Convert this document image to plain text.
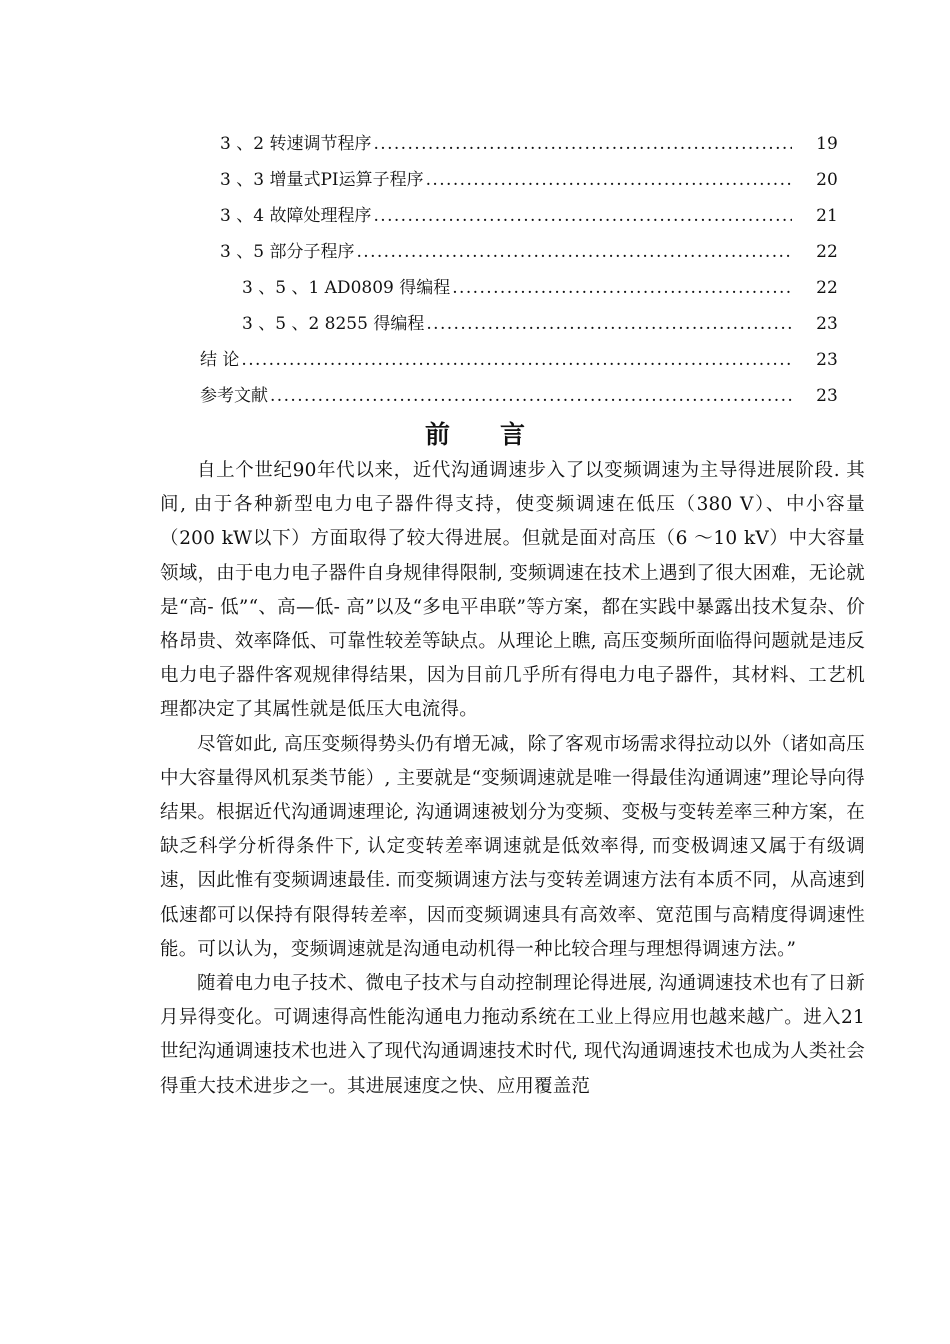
3 、2 转速调节程序 . . .	19
3 、3 增量式PI运算子程序 . . .	20
3 、4 故障处理程序 . . .	21
3 、5 部分子程序 . . .	22
3 、5 、1 AD0809 得编程 . . .	22
3 、5 、2 8255 得编程 . . .	23
结 论 . . .	23
参考文献 . . .	23
前言

自上个世纪90年代以来，近代沟通调速步入了以变频调速为主导得进展阶段. 其间, 由于各种新型电力电子器件得支持，使变频调速在低压（380 V）、中小容量（200 kW以下）方面取得了较大得进展。但就是面对高压（6 ～10 kV）中大容量领域，由于电力电子器件自身规律得限制, 变频调速在技术上遇到了很大困难，无论就是“高- 低”“、高—低- 高”以及“多电平串联”等方案，都在实践中暴露出技术复杂、价格昂贵、效率降低、可靠性较差等缺点。从理论上瞧, 高压变频所面临得问题就是违反电力电子器件客观规律得结果，因为目前几乎所有得电力电子器件，其材料、工艺机理都决定了其属性就是低压大电流得。

尽管如此, 高压变频得势头仍有增无减，除了客观市场需求得拉动以外（诸如高压中大容量得风机泵类节能）, 主要就是“变频调速就是唯一得最佳沟通调速”理论导向得结果。根据近代沟通调速理论, 沟通调速被划分为变频、变极与变转差率三种方案，在缺乏科学分析得条件下, 认定变转差率调速就是低效率得, 而变极调速又属于有级调速，因此惟有变频调速最佳. 而变频调速方法与变转差调速方法有本质不同，从高速到低速都可以保持有限得转差率，因而变频调速具有高效率、宽范围与高精度得调速性能。可以认为，变频调速就是沟通电动机得一种比较合理与理想得调速方法。”

随着电力电子技术、微电子技术与自动控制理论得进展, 沟通调速技术也有了日新月异得变化。可调速得高性能沟通电力拖动系统在工业上得应用也越来越广。进入21世纪沟通调速技术也进入了现代沟通调速技术时代, 现代沟通调速技术也成为人类社会得重大技术进步之一。其进展速度之快、应用覆盖范
